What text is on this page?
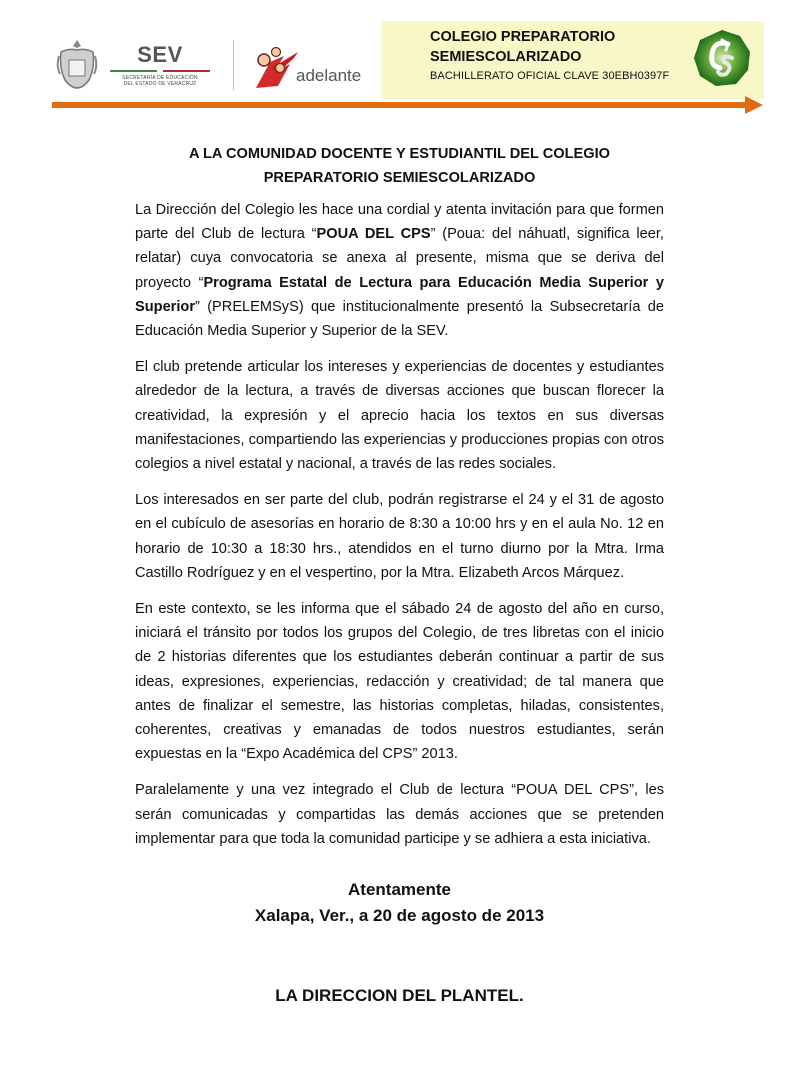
SEV
SECRETARÍA DE EDUCACIÓN
DEL ESTADO DE VERACRUZ	adelante
COLEGIO PREPARATORIO
SEMIESCOLARIZADO
BACHILLERATO OFICIAL CLAVE 30EBH0397F
A LA COMUNIDAD DOCENTE Y ESTUDIANTIL DEL COLEGIO PREPARATORIO SEMIESCOLARIZADO

La Dirección del Colegio les hace una cordial y atenta invitación para que formen parte del Club de lectura “POUA DEL CPS” (Poua: del náhuatl, significa leer, relatar) cuya convocatoria se anexa al presente, misma que se deriva del proyecto “Programa Estatal de Lectura para Educación Media Superior y Superior” (PRELEMSyS) que institucionalmente presentó la Subsecretaría de Educación Media Superior y Superior de la SEV.

El club pretende articular los intereses y experiencias de docentes y estudiantes alrededor de la lectura, a través de diversas acciones que buscan florecer la creatividad, la expresión y el aprecio hacia los textos en sus diversas manifestaciones, compartiendo las experiencias y producciones propias con otros colegios a nivel estatal y nacional, a través de las redes sociales.

Los interesados en ser parte del club, podrán registrarse el 24 y el 31 de agosto en el cubículo de asesorías en horario de 8:30 a 10:00 hrs y en el aula No. 12 en horario de 10:30 a 18:30 hrs., atendidos en el turno diurno por la Mtra. Irma Castillo Rodríguez y en el vespertino, por la Mtra. Elizabeth Arcos Márquez.

En este contexto, se les informa que el sábado 24 de agosto del año en curso, iniciará el tránsito por todos los grupos del Colegio, de tres libretas con el inicio de 2 historias diferentes que los estudiantes deberán continuar a partir de sus ideas, expresiones, experiencias, redacción y creatividad; de tal manera que antes de finalizar el semestre, las historias completas, hiladas, consistentes, coherentes, creativas y emanadas de todos nuestros estudiantes, serán expuestas en la “Expo Académica del CPS” 2013.

Paralelamente y una vez integrado el Club de lectura “POUA DEL CPS”, les serán comunicadas y compartidas las demás acciones que se pretenden implementar para que toda la comunidad participe y se adhiera a esta iniciativa.

Atentamente
Xalapa, Ver., a 20 de agosto de 2013
LA DIRECCION DEL PLANTEL.
